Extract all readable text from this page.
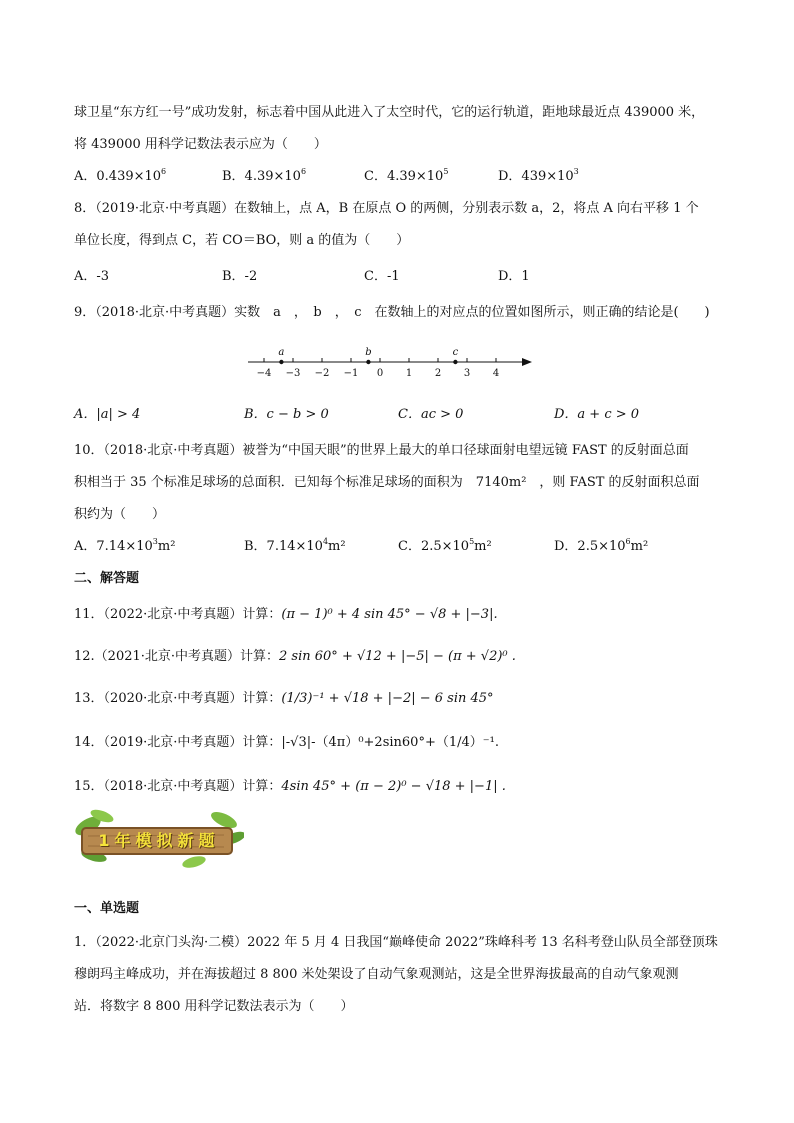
球卫星“东方红一号”成功发射，标志着中国从此进入了太空时代，它的运行轨道，距地球最近点 439000 米，
将 439000 用科学记数法表示应为（　　）
A．$0.439\times 10^6$	B．$4.39\times 10^6$	C．$4.39\times 10^5$	D．$439\times 10^3$
8．（2019·北京·中考真题）在数轴上，点 A，B 在原点 O 的两侧，分别表示数 a，2，将点 A 向右平移 1 个
单位长度，得到点 C，若 CO＝BO，则 a 的值为（　　）
A．-3	B．-2	C．-1	D．1
9．（2018·北京·中考真题）实数　a　，　b　，　c　在数轴上的对应点的位置如图所示，则正确的结论是(　　)
−4 −3 −2 −1 0 1 2 3 4
a	b	c
A．|a| > 4	B．c − b > 0	C．ac > 0	D．a + c > 0
10．（2018·北京·中考真题）被誉为“中国天眼”的世界上最大的单口径球面射电望远镜 FAST 的反射面总面
积相当于 35 个标准足球场的总面积．已知每个标准足球场的面积为　7140m²　，则 FAST 的反射面积总面
积约为（　　）
A．$7.14\times 10^3m^2$	B．$7.14\times 10^4m^2$	C．$2.5\times 10^5m^2$	D．$2.5\times 10^6m^2$
二、解答题
11．（2022·北京·中考真题）计算：(π − 1)⁰ + 4 sin 45° − √8 + |−3|.
12.（2021·北京·中考真题）计算：2 sin 60° + √12 + |−5| − (π + √2)⁰ .
13．（2020·北京·中考真题）计算：(1/3)⁻¹ + √18 + |−2| − 6 sin 45°
14．（2019·北京·中考真题）计算：|-√3|-（4π）⁰+2sin60°+（1/4）⁻¹.
15．（2018·北京·中考真题）计算：4sin 45° + (π − 2)⁰ − √18 + |−1| .
1年模拟新题
一、单选题
1．（2022·北京门头沟·二模）2022 年 5 月 4 日我国“巅峰使命 2022”珠峰科考 13 名科考登山队员全部登顶珠
穆朗玛主峰成功，并在海拔超过 8 800 米处架设了自动气象观测站，这是全世界海拔最高的自动气象观测
站．将数字 8 800 用科学记数法表示为（　　）
